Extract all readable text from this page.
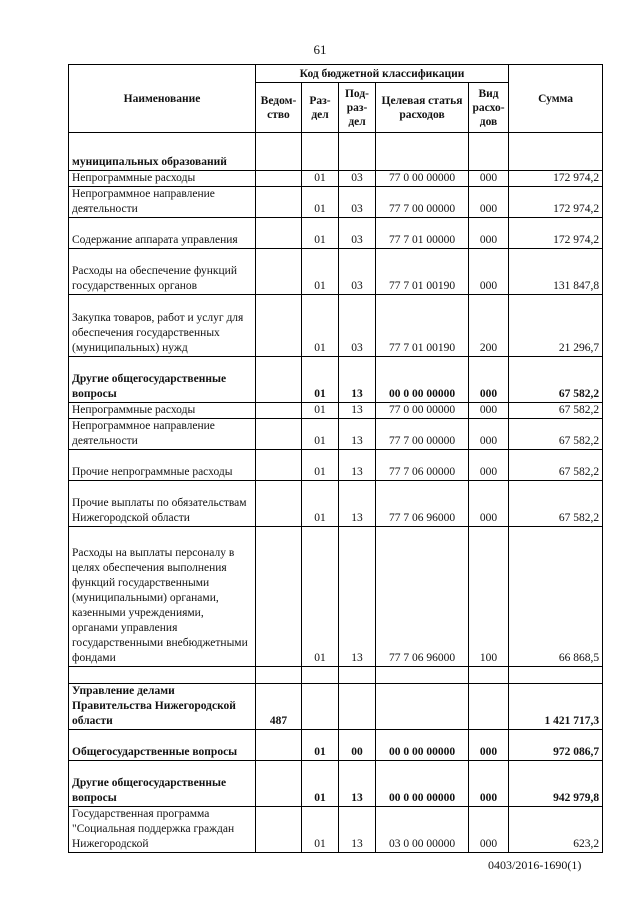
61
Наименование	Код бюджетной классификации					Сумма
	Ведом-ство	Раз-дел	Под-раз-дел	Целевая статья расходов	Вид расхо-дов	
муниципальных образований						
Непрограммные расходы		01	03	77 0 00 00000	000	172 974,2
Непрограммное направление деятельности		01	03	77 7 00 00000	000	172 974,2
Содержание аппарата управления		01	03	77 7 01 00000	000	172 974,2
Расходы на обеспечение функций государственных органов		01	03	77 7 01 00190	000	131 847,8
Закупка товаров, работ и услуг для обеспечения государственных (муниципальных) нужд		01	03	77 7 01 00190	200	21 296,7
Другие общегосударственные вопросы		01	13	00 0 00 00000	000	67 582,2
Непрограммные расходы		01	13	77 0 00 00000	000	67 582,2
Непрограммное направление деятельности		01	13	77 7 00 00000	000	67 582,2
Прочие непрограммные расходы		01	13	77 7 06 00000	000	67 582,2
Прочие выплаты по обязательствам Нижегородской области		01	13	77 7 06 96000	000	67 582,2
Расходы на выплаты персоналу в целях обеспечения выполнения функций государственными (муниципальными) органами, казенными учреждениями, органами управления государственными внебюджетными фондами		01	13	77 7 06 96000	100	66 868,5

Управление делами Правительства Нижегородской области	487					1 421 717,3
Общегосударственные вопросы		01	00	00 0 00 00000	000	972 086,7
Другие общегосударственные вопросы		01	13	00 0 00 00000	000	942 979,8
Государственная программа "Социальная поддержка граждан Нижегородской		01	13	03 0 00 00000	000	623,2
0403/2016-1690(1)
